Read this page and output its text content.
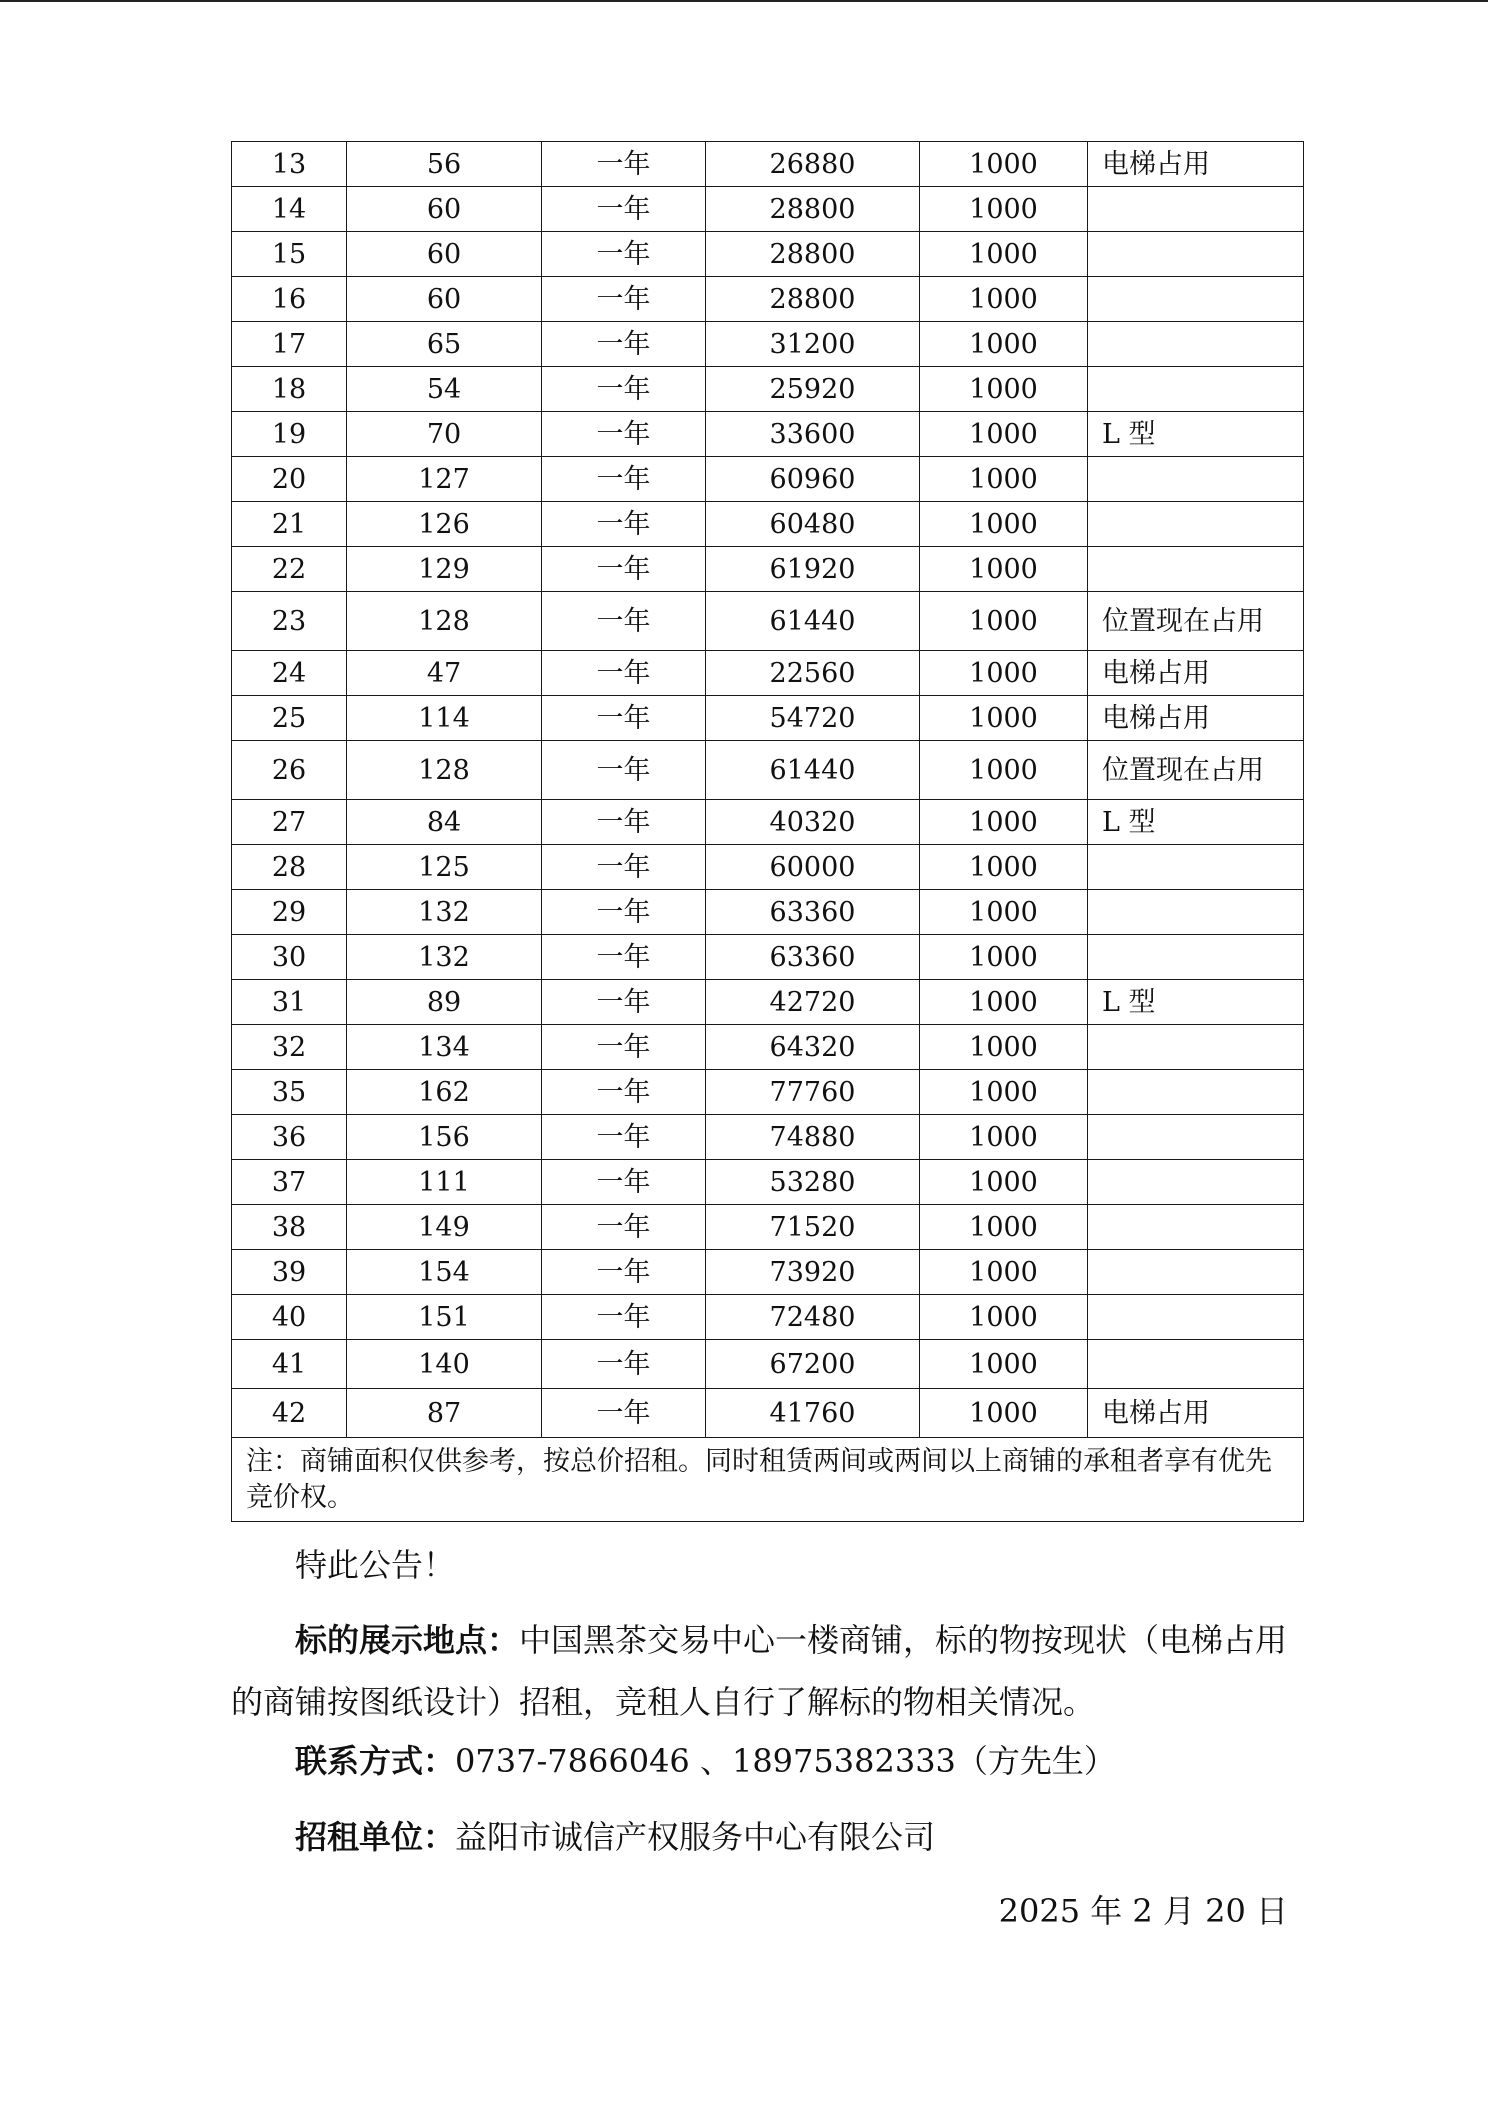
13	56	一年	26880	1000	电梯占用
14	60	一年	28800	1000	
15	60	一年	28800	1000	
16	60	一年	28800	1000	
17	65	一年	31200	1000	
18	54	一年	25920	1000	
19	70	一年	33600	1000	L 型
20	127	一年	60960	1000	
21	126	一年	60480	1000	
22	129	一年	61920	1000	
23	128	一年	61440	1000	位置现在占用
24	47	一年	22560	1000	电梯占用
25	114	一年	54720	1000	电梯占用
26	128	一年	61440	1000	位置现在占用
27	84	一年	40320	1000	L 型
28	125	一年	60000	1000	
29	132	一年	63360	1000	
30	132	一年	63360	1000	
31	89	一年	42720	1000	L 型
32	134	一年	64320	1000	
35	162	一年	77760	1000	
36	156	一年	74880	1000	
37	111	一年	53280	1000	
38	149	一年	71520	1000	
39	154	一年	73920	1000	
40	151	一年	72480	1000	
41	140	一年	67200	1000	
42	87	一年	41760	1000	电梯占用
注：商铺面积仅供参考，按总价招租。同时租赁两间或两间以上商铺的承租者享有优先竞价权。					

特此公告！

标的展示地点：中国黑茶交易中心一楼商铺，标的物按现状（电梯占用的商铺按图纸设计）招租，竞租人自行了解标的物相关情况。

联系方式：0737-7866046 、18975382333（方先生）

招租单位：益阳市诚信产权服务中心有限公司

2025 年 2 月 20 日
